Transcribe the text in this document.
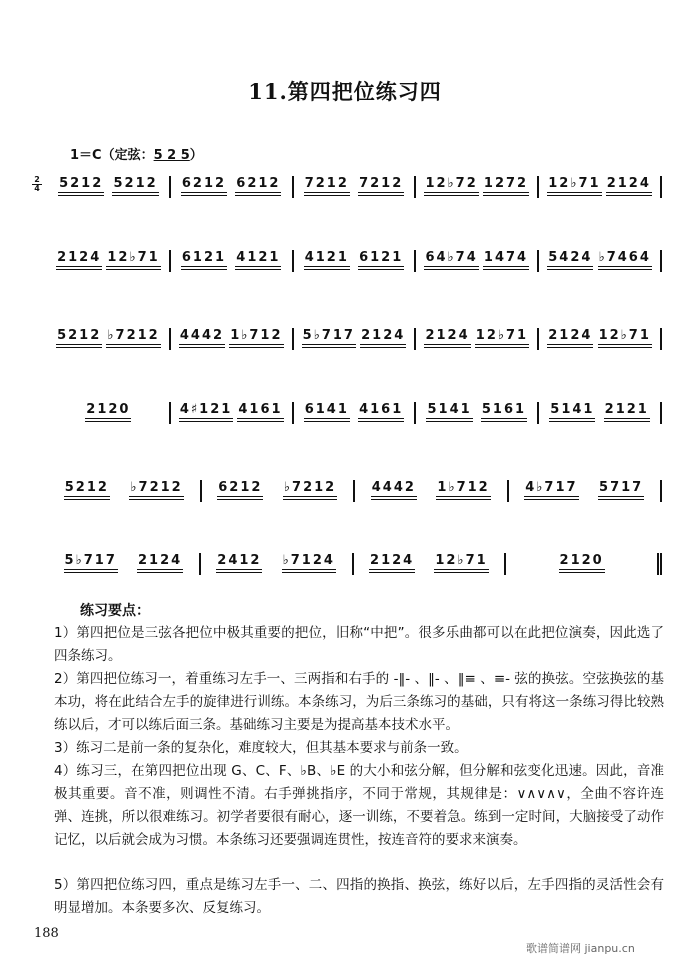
11.第四把位练习四
1＝C（定弦：5 2 5）
2
4 5212 5212 6212 6212 7212 7212 12♭72 1272 12♭71 2124
2124 12♭71 6121 4121 4121 6121 64♭74 1474 5424 ♭7464
5212 ♭7212 4442 1♭712 5♭717 2124 2124 12♭71 2124 12♭71
2120	4♯121 4161 6141 4161 5141 5161 5141 2121
5212 ♭7212	6212 ♭7212	4442 1♭712	4♭717 5717
5♭717 2124	2412 ♭7124	2124 12♭71	2120
练习要点：
1）第四把位是三弦各把位中极其重要的把位，旧称“中把”。很多乐曲都可以在此把位演奏，因此选了四条练习。
2）第四把位练习一，着重练习左手一、三两指和右手的 -‖- 、‖- 、‖≡ 、≡- 弦的换弦。空弦换弦的基本功，将在此结合左手的旋律进行训练。本条练习，为后三条练习的基础，只有将这一条练习得比较熟练以后，才可以练后面三条。基础练习主要是为提高基本技术水平。
3）练习二是前一条的复杂化，难度较大，但其基本要求与前条一致。
4）练习三，在第四把位出现 G、C、F、♭B、♭E 的大小和弦分解，但分解和弦变化迅速。因此，音准极其重要。音不准，则调性不清。右手弹挑指序，不同于常规，其规律是：∨∧∨∧∨，全曲不容许连弹、连挑，所以很难练习。初学者要很有耐心，逐一训练，不要着急。练到一定时间，大脑接受了动作记忆，以后就会成为习惯。本条练习还要强调连贯性，按连音符的要求来演奏。
5）第四把位练习四，重点是练习左手一、二、四指的换指、换弦，练好以后，左手四指的灵活性会有明显增加。本条要多次、反复练习。
188
歌谱简谱网 jianpu.cn
